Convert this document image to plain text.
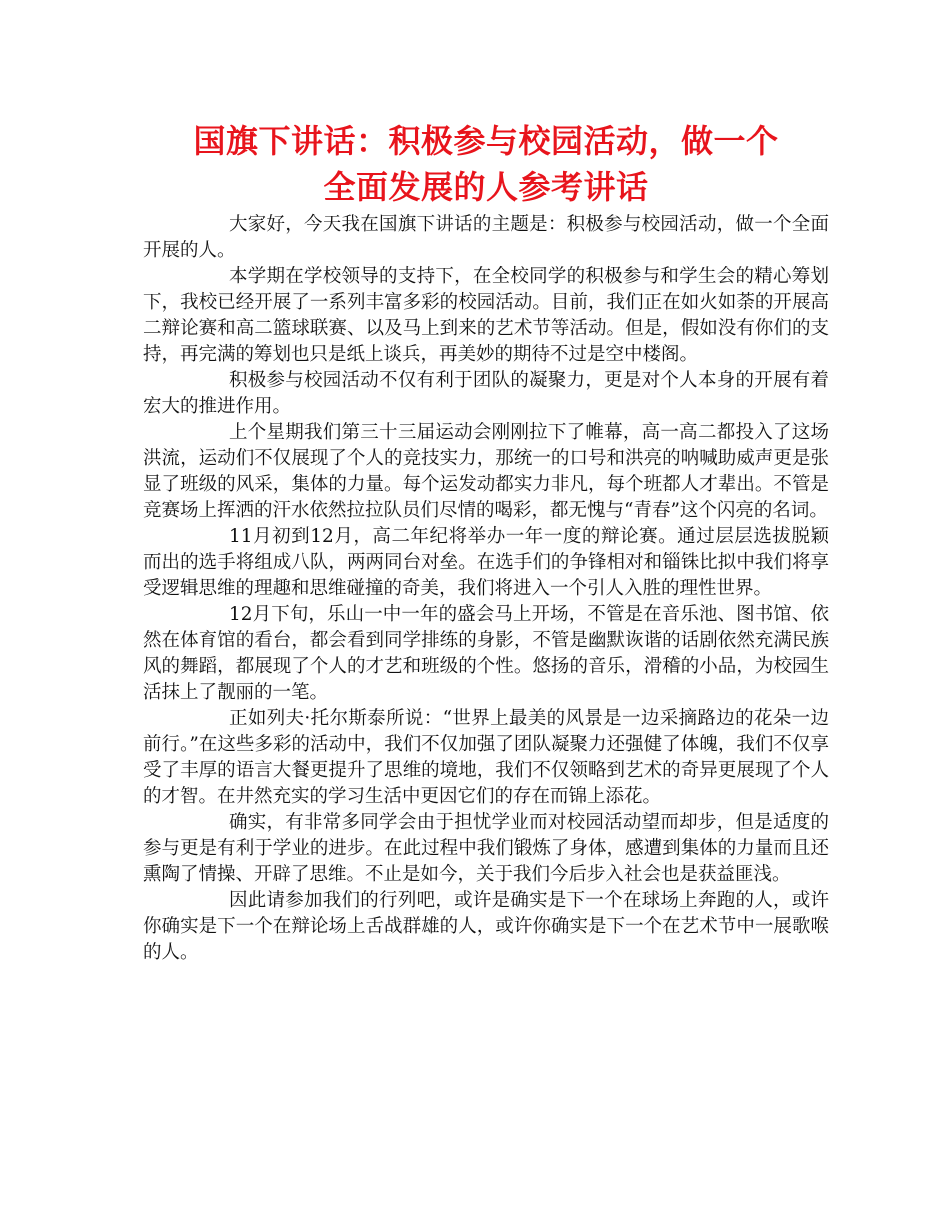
国旗下讲话：积极参与校园活动，做一个
全面发展的人参考讲话

大家好，今天我在国旗下讲话的主题是：积极参与校园活动，做一个全面开展的人。

本学期在学校领导的支持下，在全校同学的积极参与和学生会的精心筹划下，我校已经开展了一系列丰富多彩的校园活动。目前，我们正在如火如荼的开展高二辩论赛和高二篮球联赛、以及马上到来的艺术节等活动。但是，假如没有你们的支持，再完满的筹划也只是纸上谈兵，再美妙的期待不过是空中楼阁。

积极参与校园活动不仅有利于团队的凝聚力，更是对个人本身的开展有着宏大的推进作用。

上个星期我们第三十三届运动会刚刚拉下了帷幕，高一高二都投入了这场洪流，运动们不仅展现了个人的竞技实力，那统一的口号和洪亮的呐喊助威声更是张显了班级的风采，集体的力量。每个运发动都实力非凡，每个班都人才辈出。不管是竞赛场上挥洒的汗水依然拉拉队员们尽情的喝彩，都无愧与“青春”这个闪亮的名词。

11月初到12月，高二年纪将举办一年一度的辩论赛。通过层层选拔脱颖而出的选手将组成八队，两两同台对垒。在选手们的争锋相对和锱铢比拟中我们将享受逻辑思维的理趣和思维碰撞的奇美，我们将进入一个引人入胜的理性世界。

12月下旬，乐山一中一年的盛会马上开场，不管是在音乐池、图书馆、依然在体育馆的看台，都会看到同学排练的身影，不管是幽默诙谐的话剧依然充满民族风的舞蹈，都展现了个人的才艺和班级的个性。悠扬的音乐，滑稽的小品，为校园生活抹上了靓丽的一笔。

正如列夫·托尔斯泰所说：“世界上最美的风景是一边采摘路边的花朵一边前行。”在这些多彩的活动中，我们不仅加强了团队凝聚力还强健了体魄，我们不仅享受了丰厚的语言大餐更提升了思维的境地，我们不仅领略到艺术的奇异更展现了个人的才智。在井然充实的学习生活中更因它们的存在而锦上添花。

确实，有非常多同学会由于担忧学业而对校园活动望而却步，但是适度的参与更是有利于学业的进步。在此过程中我们锻炼了身体，感遭到集体的力量而且还熏陶了情操、开辟了思维。不止是如今，关于我们今后步入社会也是获益匪浅。

因此请参加我们的行列吧，或许是确实是下一个在球场上奔跑的人，或许你确实是下一个在辩论场上舌战群雄的人，或许你确实是下一个在艺术节中一展歌喉的人。
